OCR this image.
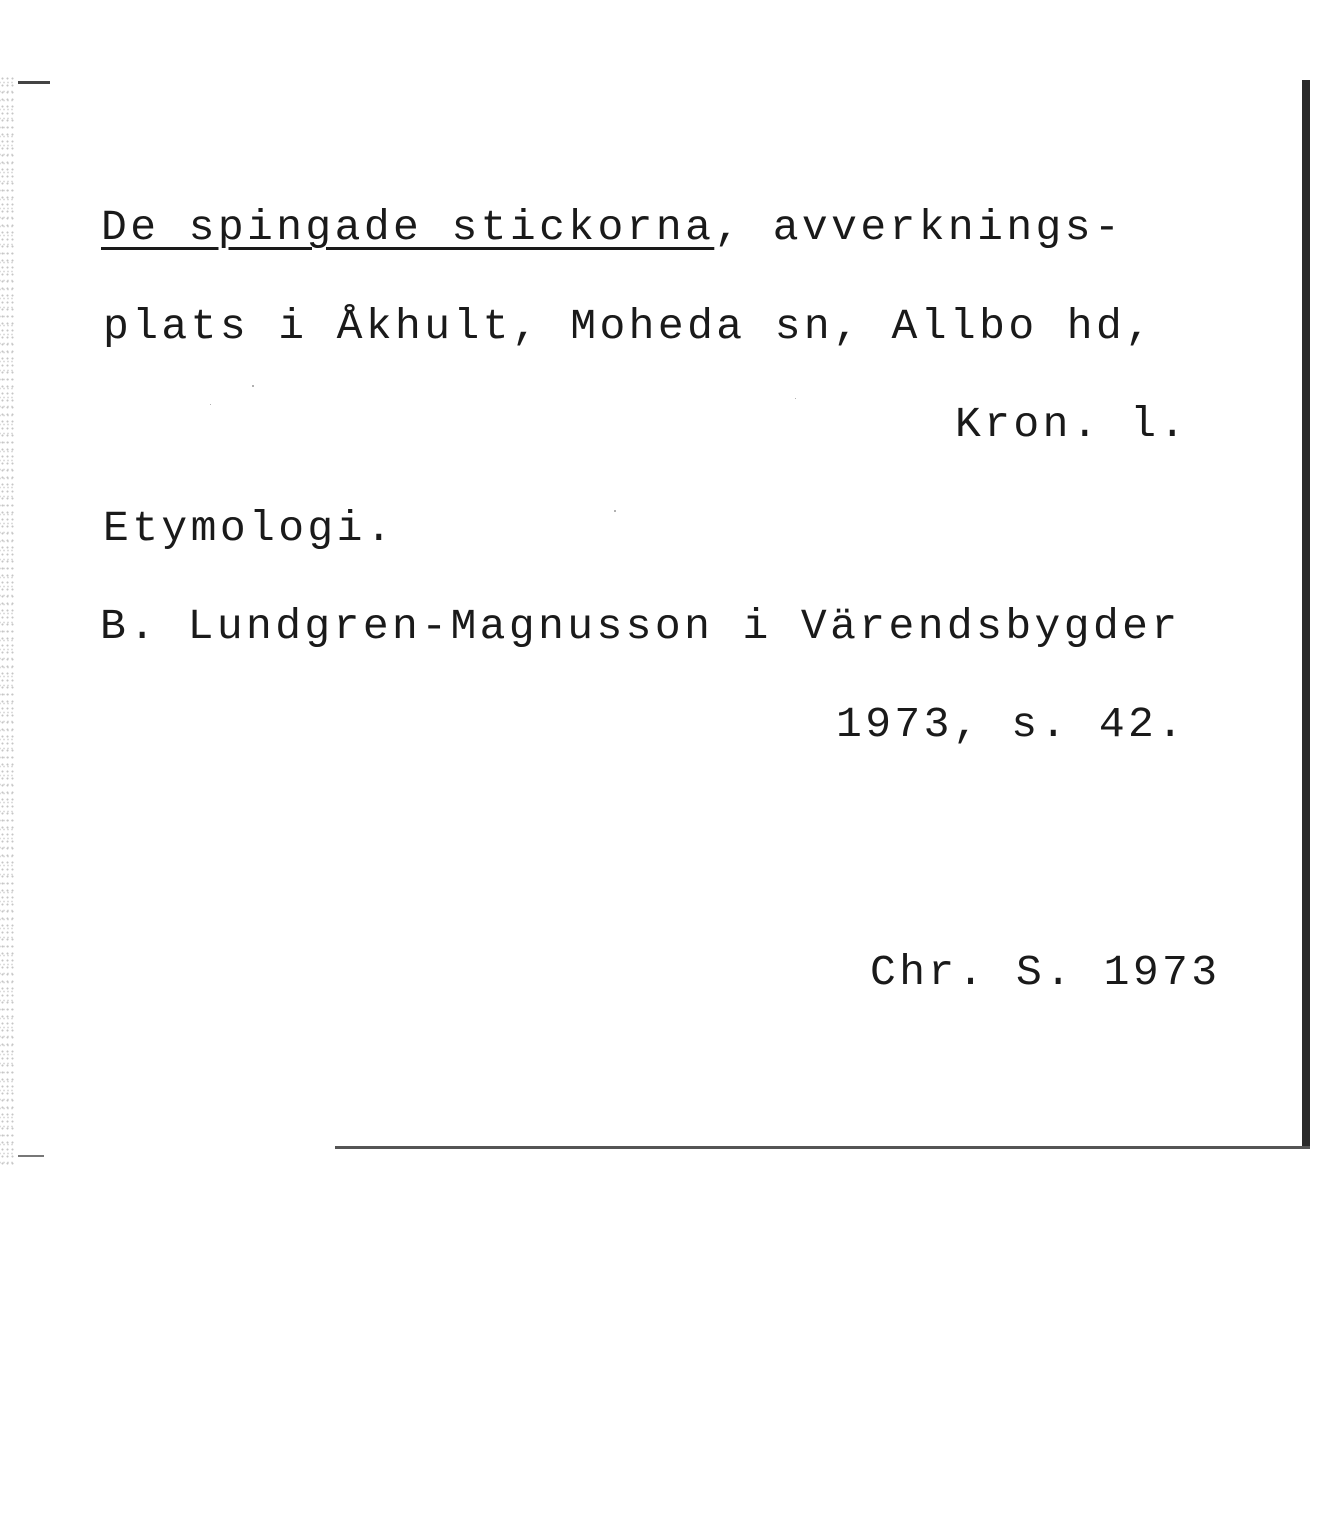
De spingade stickorna, avverknings-
plats i Åkhult, Moheda sn, Allbo hd,
Kron. l.
Etymologi.
B. Lundgren-Magnusson i Värendsbygder
1973, s. 42.
Chr. S. 1973
